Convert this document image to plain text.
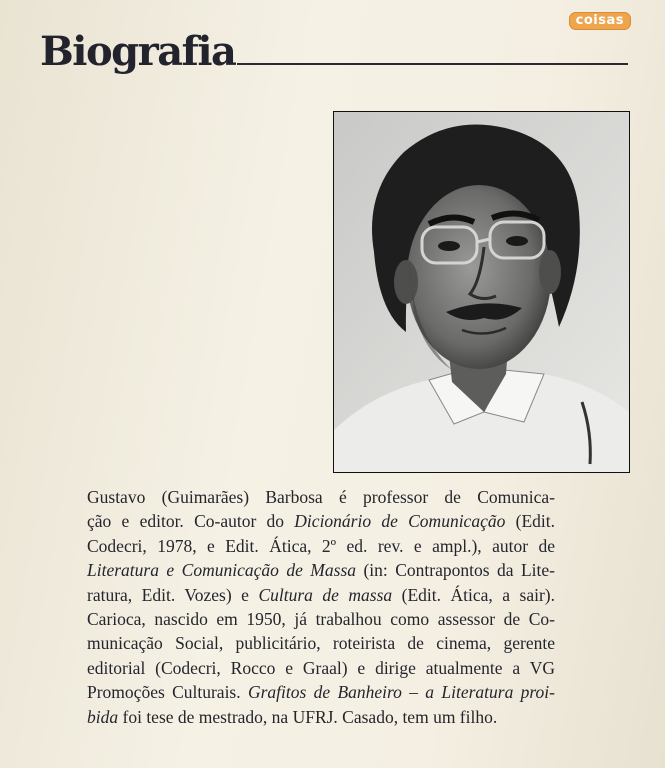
coisas
Biografia

Gustavo (Guimarães) Barbosa é professor de Comunica-
ção e editor. Co-autor do Dicionário de Comunicação (Edit.
Codecri, 1978, e Edit. Ática, 2º ed. rev. e ampl.), autor de
Literatura e Comunicação de Massa (in: Contrapontos da Lite-
ratura, Edit. Vozes) e Cultura de massa (Edit. Ática, a sair).
Carioca, nascido em 1950, já trabalhou como assessor de Co-
municação Social, publicitário, roteirista de cinema, gerente
editorial (Codecri, Rocco e Graal) e dirige atualmente a VG
Promoções Culturais. Grafitos de Banheiro – a Literatura proi-
bida foi tese de mestrado, na UFRJ. Casado, tem um filho.
